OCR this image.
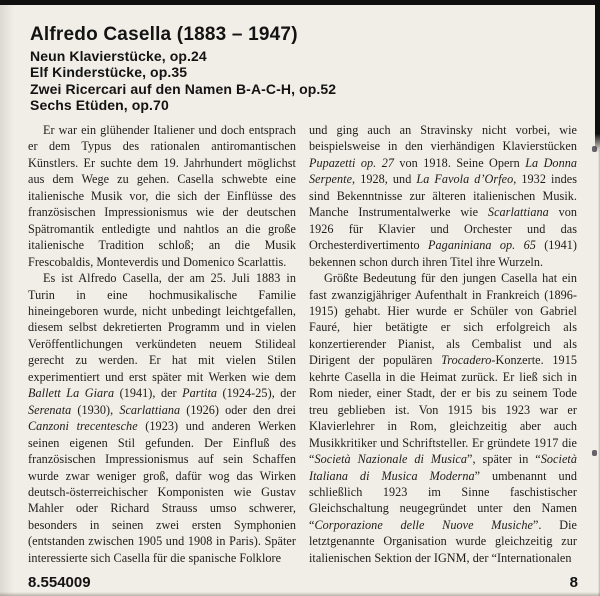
Alfredo Casella (1883 – 1947)
Neun Klavierstücke, op.24
Elf Kinderstücke, op.35
Zwei Ricercari auf den Namen B-A-C-H, op.52
Sechs Etüden, op.70

Er war ein glühender Italiener und doch entsprach er dem Typus des rationalen antiromantischen Künstlers. Er suchte dem 19. Jahrhundert möglichst aus dem Wege zu gehen. Casella schwebte eine italienische Musik vor, die sich der Einflüsse des französischen Impressionismus wie der deutschen Spätromantik entledigte und nahtlos an die große italienische Tradition schloß; an die Musik Frescobaldis, Monteverdis und Domenico Scarlattis.

Es ist Alfredo Casella, der am 25. Juli 1883 in Turin in eine hochmusikalische Familie hineingeboren wurde, nicht unbedingt leichtgefallen, diesem selbst dekretierten Programm und in vielen Veröffentlichungen verkündeten neuem Stilideal gerecht zu werden. Er hat mit vielen Stilen experimentiert und erst später mit Werken wie dem Ballett La Giara (1941), der Partita (1924-25), der Serenata (1930), Scarlattiana (1926) oder den drei Canzoni trecentesche (1923) und anderen Werken seinen eigenen Stil gefunden. Der Einfluß des französischen Impressionismus auf sein Schaffen wurde zwar weniger groß, dafür wog das Wirken deutsch-österreichischer Komponisten wie Gustav Mahler oder Richard Strauss umso schwerer, besonders in seinen zwei ersten Symphonien (entstanden zwischen 1905 und 1908 in Paris). Später interessierte sich Casella für die spanische Folklore

und ging auch an Stravinsky nicht vorbei, wie beispielsweise in den vierhändigen Klavierstücken Pupazetti op. 27 von 1918. Seine Opern La Donna Serpente, 1928, und La Favola d’Orfeo, 1932 indes sind Bekenntnisse zur älteren italienischen Musik. Manche Instrumentalwerke wie Scarlattiana von 1926 für Klavier und Orchester und das Orchesterdivertimento Paganiniana op. 65 (1941) bekennen schon durch ihren Titel ihre Wurzeln.

Größte Bedeutung für den jungen Casella hat ein fast zwanzigjähriger Aufenthalt in Frankreich (1896-1915) gehabt. Hier wurde er Schüler von Gabriel Fauré, hier betätigte er sich erfolgreich als konzertierender Pianist, als Cembalist und als Dirigent der populären Trocadero-Konzerte. 1915 kehrte Casella in die Heimat zurück. Er ließ sich in Rom nieder, einer Stadt, der er bis zu seinem Tode treu geblieben ist. Von 1915 bis 1923 war er Klavierlehrer in Rom, gleichzeitig aber auch Musikkritiker und Schriftsteller. Er gründete 1917 die “Società Nazionale di Musica”, später in “Società Italiana di Musica Moderna” umbenannt und schließlich 1923 im Sinne faschistischer Gleichschaltung neugegründet unter den Namen “Corporazione delle Nuove Musiche”. Die letztgenannte Organisation wurde gleichzeitig zur italienischen Sektion der IGNM, der “Internationalen

8.554009	8
